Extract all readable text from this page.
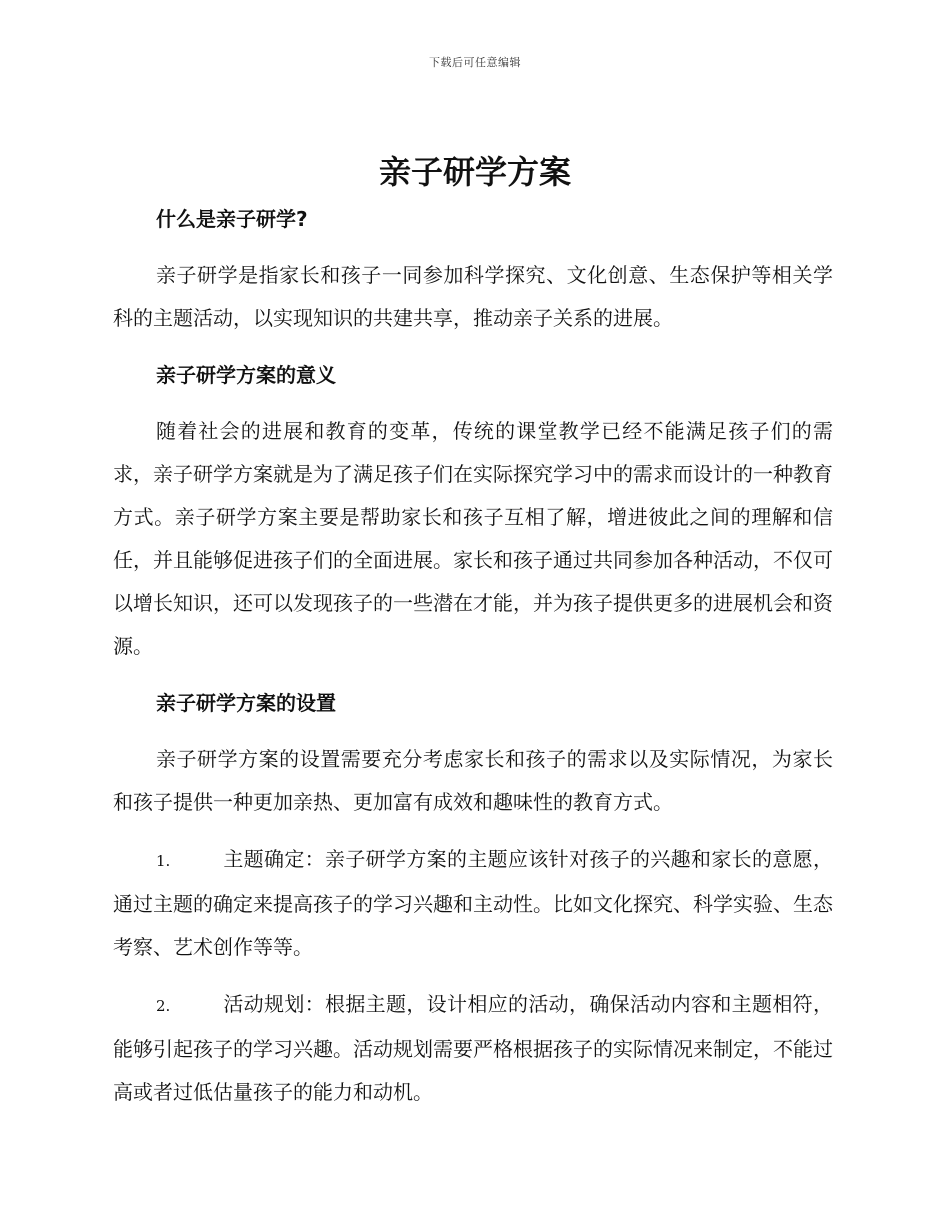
下载后可任意编辑
亲子研学方案
什么是亲子研学?

亲子研学是指家长和孩子一同参加科学探究、文化创意、生态保护等相关学科的主题活动，以实现知识的共建共享，推动亲子关系的进展。

亲子研学方案的意义

随着社会的进展和教育的变革，传统的课堂教学已经不能满足孩子们的需求，亲子研学方案就是为了满足孩子们在实际探究学习中的需求而设计的一种教育方式。亲子研学方案主要是帮助家长和孩子互相了解，增进彼此之间的理解和信任，并且能够促进孩子们的全面进展。家长和孩子通过共同参加各种活动，不仅可以增长知识，还可以发现孩子的一些潜在才能，并为孩子提供更多的进展机会和资源。

亲子研学方案的设置

亲子研学方案的设置需要充分考虑家长和孩子的需求以及实际情况，为家长和孩子提供一种更加亲热、更加富有成效和趣味性的教育方式。

1.	主题确定：亲子研学方案的主题应该针对孩子的兴趣和家长的意愿，通过主题的确定来提高孩子的学习兴趣和主动性。比如文化探究、科学实验、生态考察、艺术创作等等。

2.	活动规划：根据主题，设计相应的活动，确保活动内容和主题相符，能够引起孩子的学习兴趣。活动规划需要严格根据孩子的实际情况来制定，不能过高或者过低估量孩子的能力和动机。
